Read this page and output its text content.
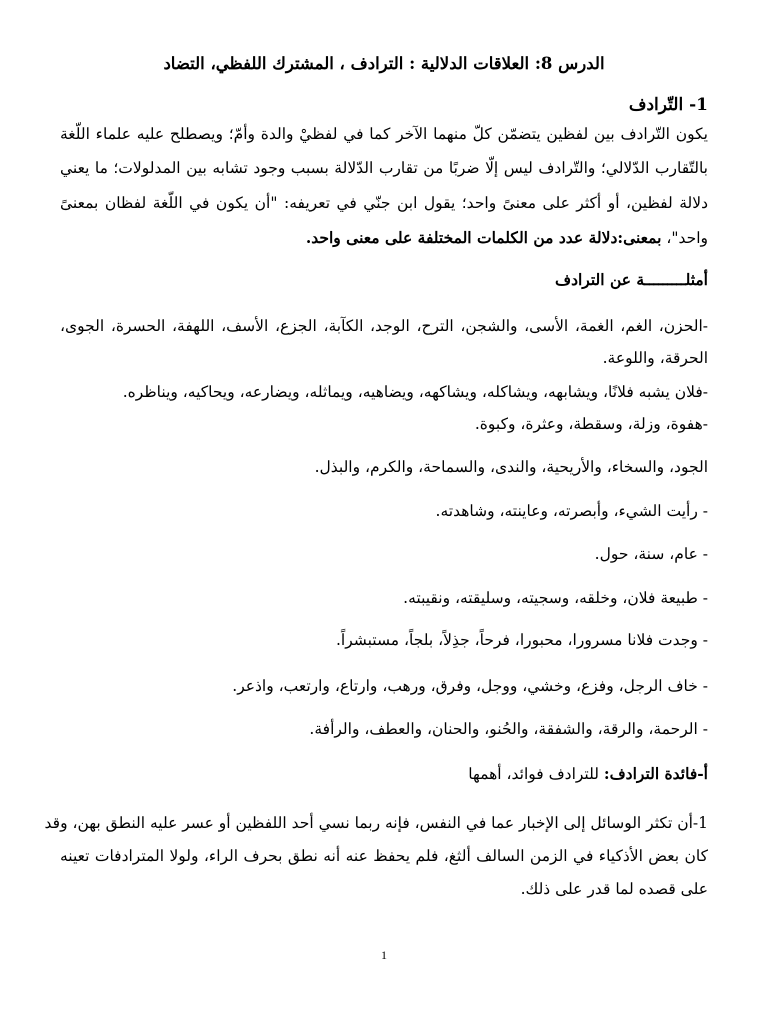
الدرس 8: العلاقات الدلالية : الترادف ، المشترك اللفظي، التضاد
1- التّرادف
يكون التّرادف بين لفظين يتضمّن كلّ منهما الآخر كما في لفظيْ والدة وأمّ؛ ويصطلح عليه علماء اللّغة
بالتّقارب الدّلالي؛ والتّرادف ليس إلّا ضربًا من تقارب الدّلالة بسبب وجود تشابه بين المدلولات؛ ما يعني
دلالة لفظين، أو أكثر على معنىً واحد؛ يقول ابن جنّي في تعريفه: "أن يكون في اللّغة لفظان بمعنىً
واحد"، بمعنى:دلالة عدد من الكلمات المختلفة على معنى واحد.
أمثلـــــــــة عن الترادف
-الحزن، الغم، الغمة، الأسى، والشجن، الترح، الوجد، الكآبة، الجزع، الأسف، اللهفة، الحسرة، الجوى،
الحرقة، واللوعة.
-فلان يشبه فلانًا، ويشابهه، ويشاكله، ويشاكهه، ويضاهيه، ويماثله، ويضارعه، ويحاكيه، ويناظره.
-هفوة، وزلة، وسقطة، وعثرة، وكبوة.
الجود، والسخاء، والأريحية، والندى، والسماحة، والكرم، والبذل.
- رأيت الشيء، وأبصرته، وعاينته، وشاهدته.
- عام، سنة، حول.
- طبيعة فلان، وخلقه، وسجيته، وسليقته، ونقيبته.
- وجدت فلانا مسرورا، محبورا، فرحاً، جذِلاً، بلجاً، مستبشراً.
- خاف الرجل، وفزع، وخشي، ووجل، وفرق، ورهب، وارتاع، وارتعب، واذعر.
- الرحمة، والرقة، والشفقة، والحُنو، والحنان، والعطف، والرأفة.
أ-فائدة الترادف: للترادف فوائد، أهمها
1-أن تكثر الوسائل إلى الإخبار عما في النفس، فإنه ربما نسي أحد اللفظين أو عسر عليه النطق بهن، وقد
كان بعض الأذكياء في الزمن السالف ألثغ، فلم يحفظ عنه أنه نطق بحرف الراء، ولولا المترادفات تعينه
على قصده لما قدر على ذلك.
1
